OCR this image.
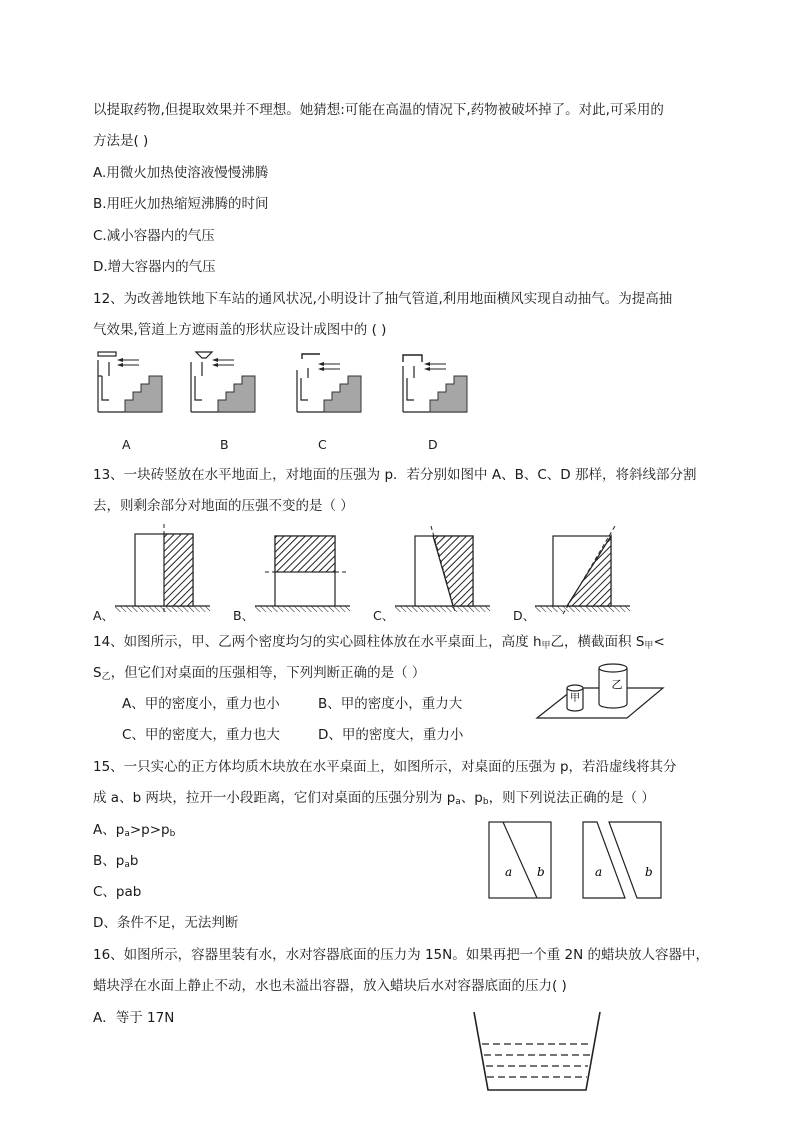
以提取药物,但提取效果并不理想。她猜想:可能在高温的情况下,药物被破坏掉了。对此,可采用的
方法是( )
A.用微火加热使溶液慢慢沸腾
B.用旺火加热缩短沸腾的时间
C.减小容器内的气压
D.增大容器内的气压
12、为改善地铁地下车站的通风状况,小明设计了抽气管道,利用地面横风实现自动抽气。为提高抽
气效果,管道上方遮雨盖的形状应设计成图中的 ( )
A	B	C	D
13、一块砖竖放在水平地面上，对地面的压强为 p．若分别如图中 A、B、C、D 那样，将斜线部分割
去，则剩余部分对地面的压强不变的是（ ）
A、	B、	C、	D、
14、如图所示，甲、乙两个密度均匀的实心圆柱体放在水平桌面上，高度 $h_甲$乙，横截面积 $S_甲<$
$S_乙$，但它们对桌面的压强相等，下列判断正确的是（ ）
A、甲的密度小，重力也小	B、甲的密度小，重力大
C、甲的密度大，重力也大	D、甲的密度大，重力小
甲
乙
15、一只实心的正方体均质木块放在水平桌面上，如图所示，对桌面的压强为 p，若沿虚线将其分
成 a、b 两块，拉开一小段距离，它们对桌面的压强分别为 $p_a$、$p_b$，则下列说法正确的是（ ）
A、$p_a>p>p_b$
B、$p_ab$
C、pab
D、条件不足，无法判断
a b	a	b
16、如图所示，容器里装有水，水对容器底面的压力为 15N。如果再把一个重 2N 的蜡块放人容器中，
蜡块浮在水面上静止不动，水也未溢出容器，放入蜡块后水对容器底面的压力( )
A．等于 17N
